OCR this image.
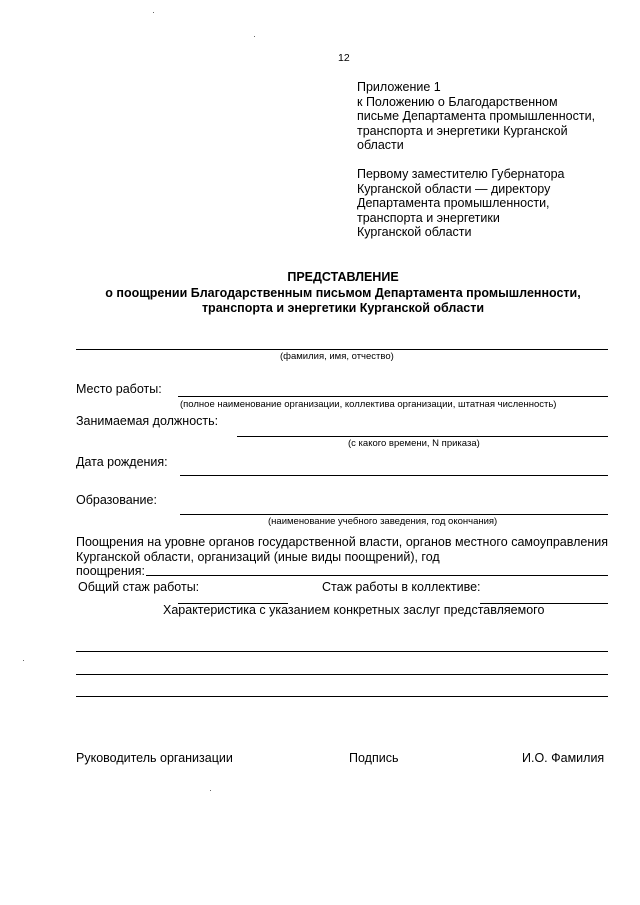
12
Приложение 1
к Положению о Благодарственном
письме Департамента промышленности,
транспорта и энергетики Курганской
области
Первому заместителю Губернатора
Курганской области — директору
Департамента промышленности,
транспорта и энергетики
Курганской области
ПРЕДСТАВЛЕНИЕ
о поощрении Благодарственным письмом Департамента промышленности,
транспорта и энергетики Курганской области
(фамилия, имя, отчество)
Место работы:
(полное наименование организации, коллектива организации, штатная численность)
Занимаемая должность:
(с какого времени, N приказа)
Дата рождения:
Образование:
(наименование учебного заведения, год окончания)
Поощрения на уровне органов государственной власти, органов местного самоуправления Курганской области, организаций (иные виды поощрений), год
поощрения:
Общий стаж работы:	Стаж работы в коллективе:
Характеристика с указанием конкретных заслуг представляемого
Руководитель организации	Подпись	И.О. Фамилия
